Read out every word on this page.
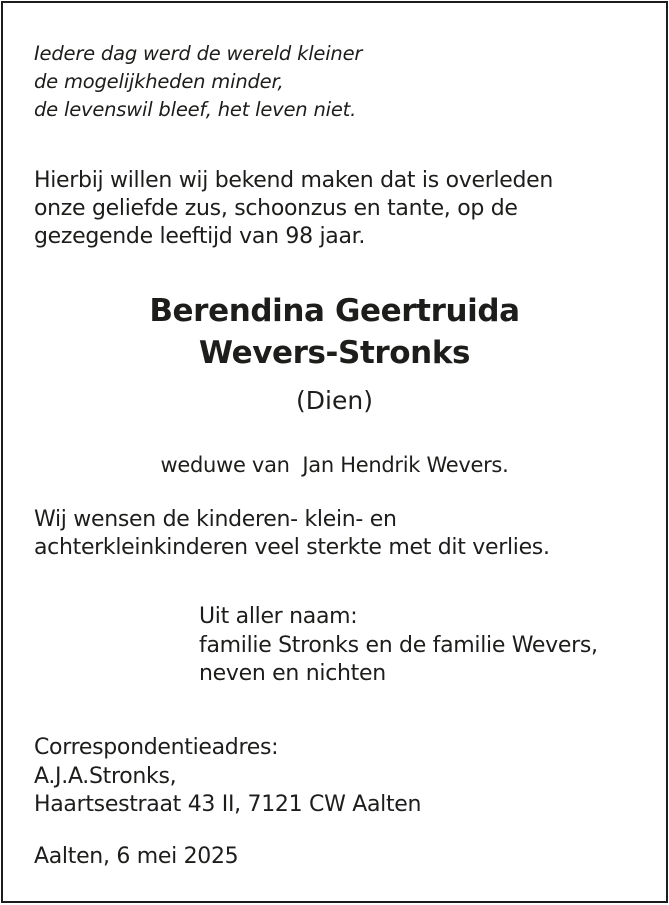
Iedere dag werd de wereld kleiner
de mogelijkheden minder,
de levenswil bleef, het leven niet.
Hierbij willen wij bekend maken dat is overleden
onze geliefde zus, schoonzus en tante, op de
gezegende leeftijd van 98 jaar.
Berendina Geertruida
Wevers-Stronks
(Dien)
weduwe van  Jan Hendrik Wevers.
Wij wensen de kinderen- klein- en
achterkleinkinderen veel sterkte met dit verlies.
Uit aller naam:
familie Stronks en de familie Wevers,
neven en nichten
Correspondentieadres:
A.J.A.Stronks,
Haartsestraat 43 II, 7121 CW Aalten
Aalten, 6 mei 2025
